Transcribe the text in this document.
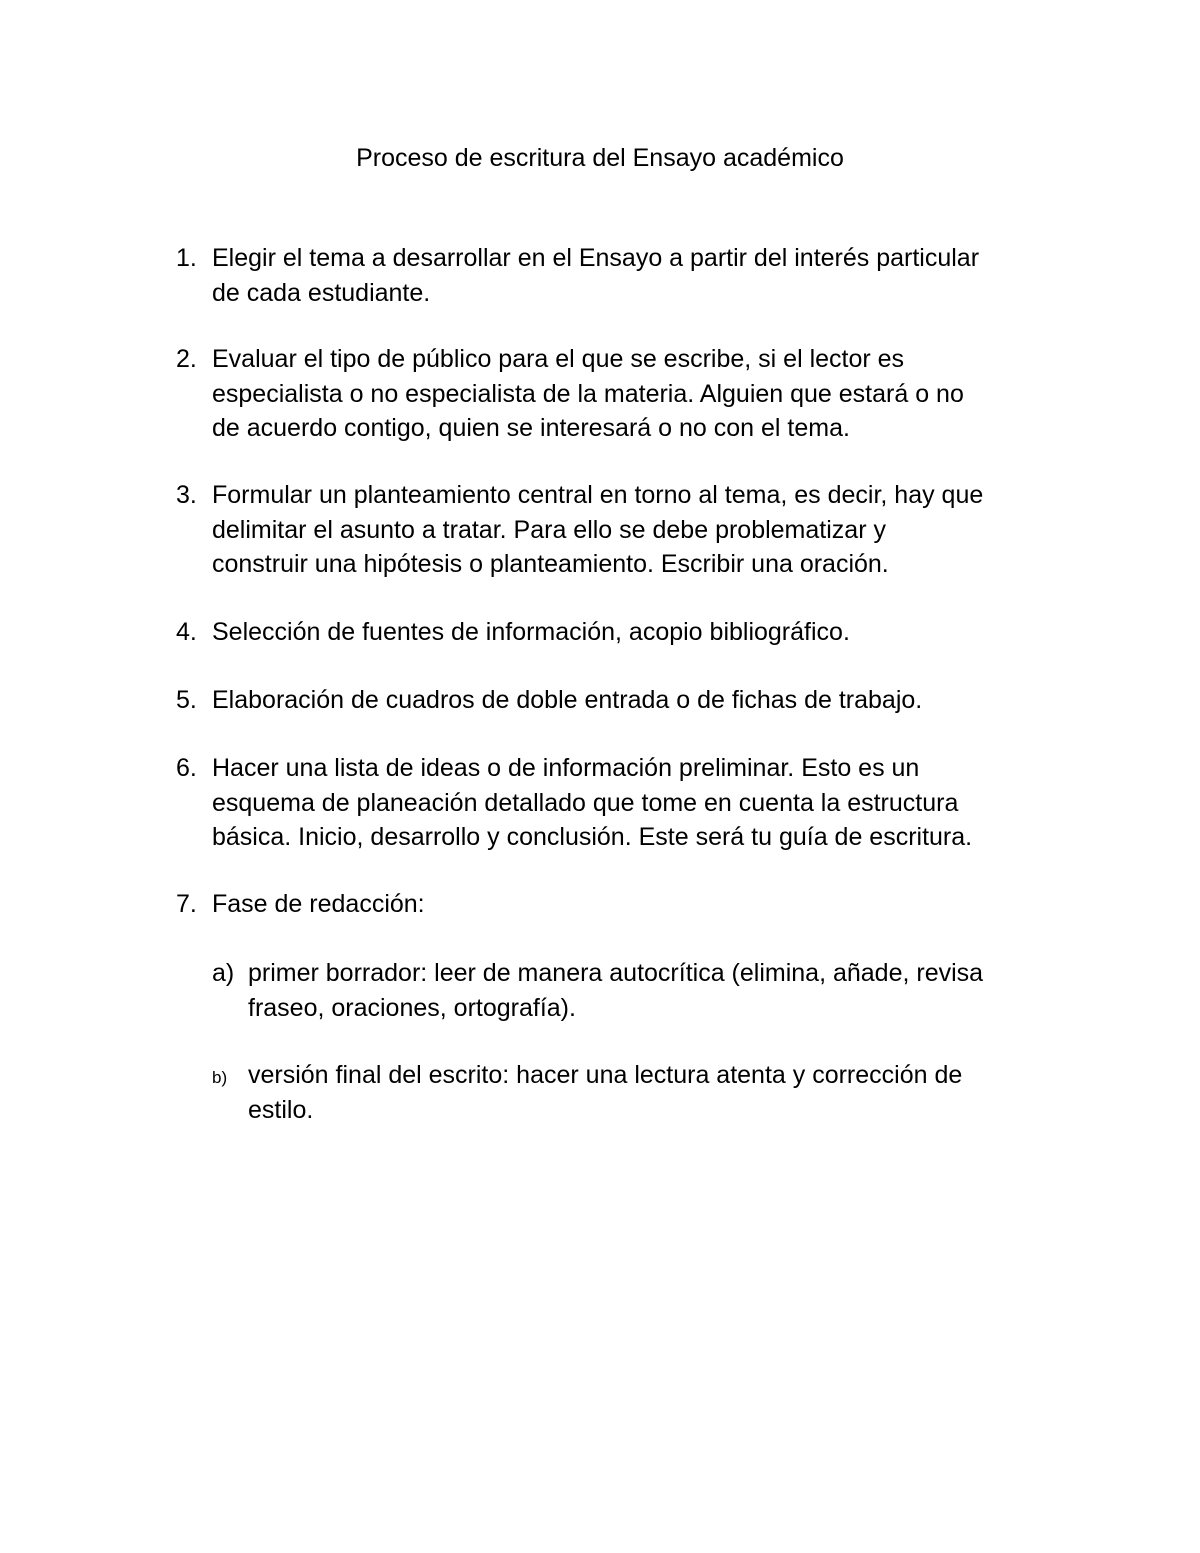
Proceso de escritura del Ensayo académico
1. Elegir el tema a desarrollar en el Ensayo a partir del interés particular
de cada estudiante.
2. Evaluar el tipo de público para el que se escribe, si el lector es
especialista o no especialista de la materia. Alguien que estará o no
de acuerdo contigo, quien se interesará o no con el tema.
3. Formular un planteamiento central en torno al tema, es decir, hay que
delimitar el asunto a tratar. Para ello se debe problematizar y
construir una hipótesis o planteamiento. Escribir una oración.
4. Selección de fuentes de información, acopio bibliográfico.
5. Elaboración de cuadros de doble entrada o de fichas de trabajo.
6. Hacer una lista de ideas o de información preliminar. Esto es un
esquema de planeación detallado que tome en cuenta la estructura
básica. Inicio, desarrollo y conclusión. Este será tu guía de escritura.
7. Fase de redacción:
a) primer borrador: leer de manera autocrítica (elimina, añade, revisa
fraseo, oraciones, ortografía).
b) versión final del escrito: hacer una lectura atenta y corrección de
estilo.
